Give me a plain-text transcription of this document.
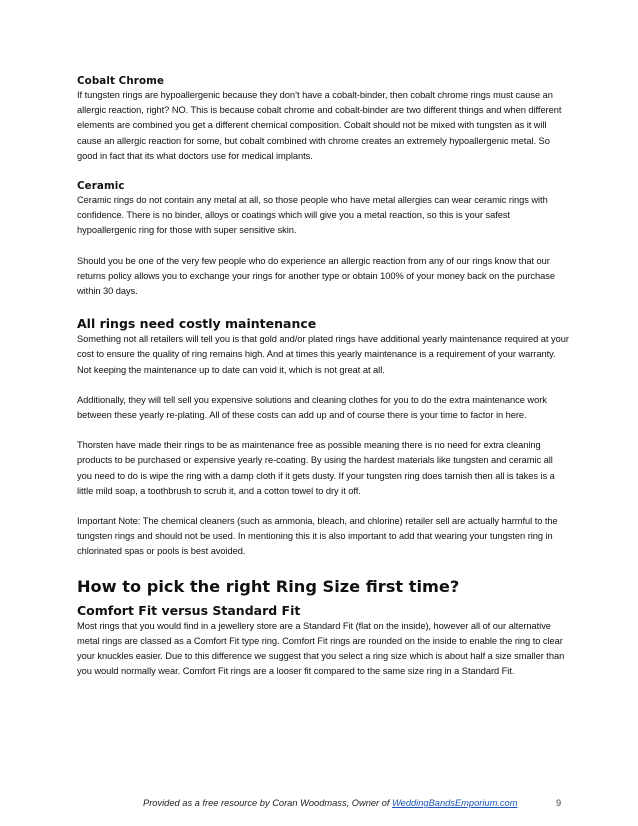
Cobalt Chrome

If tungsten rings are hypoallergenic because they don’t have a cobalt-binder, then cobalt chrome rings must cause an allergic reaction, right? NO. This is because cobalt chrome and cobalt-binder are two different things and when different elements are combined you get a different chemical composition. Cobalt should not be mixed with tungsten as it will cause an allergic reaction for some, but cobalt combined with chrome creates an extremely hypoallergenic metal. So good in fact that its what doctors use for medical implants.

Ceramic

Ceramic rings do not contain any metal at all, so those people who have metal allergies can wear ceramic rings with confidence. There is no binder, alloys or coatings which will give you a metal reaction, so this is your safest hypoallergenic ring for those with super sensitive skin.

Should you be one of the very few people who do experience an allergic reaction from any of our rings know that our returns policy allows you to exchange your rings for another type or obtain 100% of your money back on the purchase within 30 days.

All rings need costly maintenance

Something not all retailers will tell you is that gold and/or plated rings have additional yearly maintenance required at your cost to ensure the quality of ring remains high. And at times this yearly maintenance is a requirement of your warranty. Not keeping the maintenance up to date can void it, which is not great at all.

Additionally, they will tell sell you expensive solutions and cleaning clothes for you to do the extra maintenance work between these yearly re-plating. All of these costs can add up and of course there is your time to factor in here.

Thorsten have made their rings to be as maintenance free as possible meaning there is no need for extra cleaning products to be purchased or expensive yearly re-coating. By using the hardest materials like tungsten and ceramic all you need to do is wipe the ring with a damp cloth if it gets dusty. If your tungsten ring does tarnish then all is takes is a little mild soap, a toothbrush to scrub it, and a cotton towel to dry it off.

Important Note: The chemical cleaners (such as ammonia, bleach, and chlorine) retailer sell are actually harmful to the tungsten rings and should not be used. In mentioning this it is also important to add that wearing your tungsten ring in chlorinated spas or pools is best avoided.

How to pick the right Ring Size first time?
Comfort Fit versus Standard Fit

Most rings that you would find in a jewellery store are a Standard Fit (flat on the inside), however all of our alternative metal rings are classed as a Comfort Fit type ring. Comfort Fit rings are rounded on the inside to enable the ring to clear your knuckles easier. Due to this difference we suggest that you select a ring size which is about half a size smaller than you would normally wear. Comfort Fit rings are a looser fit compared to the same size ring in a Standard Fit.

Provided as a free resource by Coran Woodmass, Owner of WeddingBandsEmporium.com	9
